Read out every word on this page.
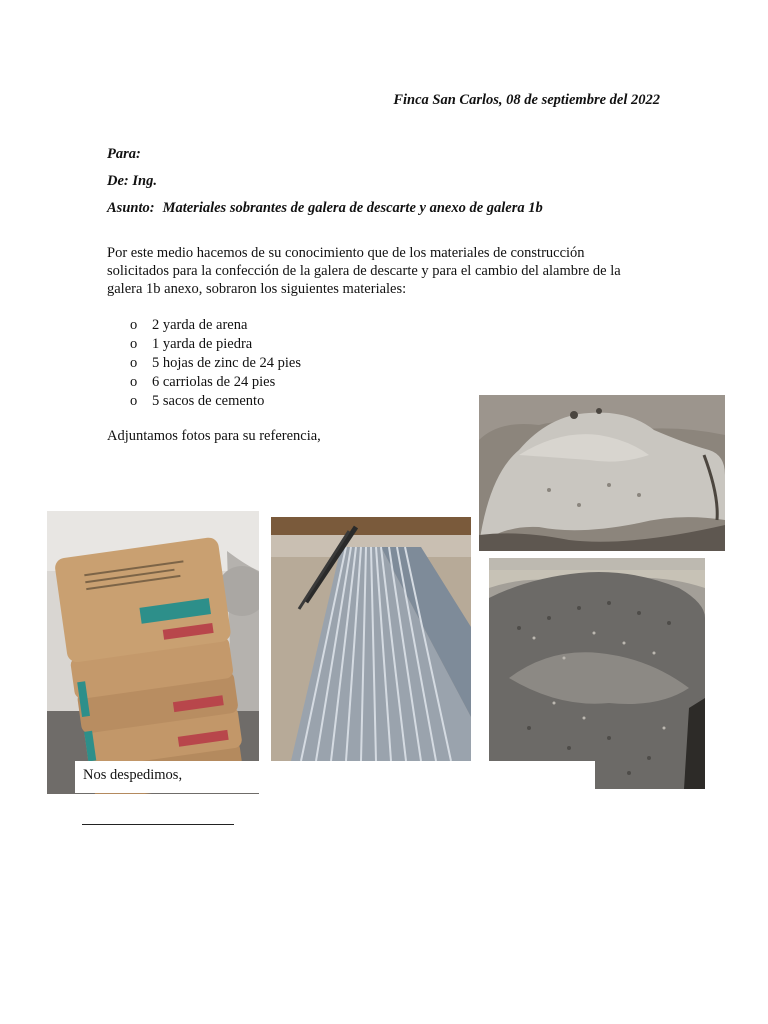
Finca San Carlos, 08 de septiembre del 2022
Para:
De: Ing.
Asunto: Materiales sobrantes de galera de descarte y anexo de galera 1b
Por este medio hacemos de su conocimiento que de los materiales de construcción
solicitados para la confección de la galera de descarte y para el cambio del alambre de la
galera 1b anexo, sobraron los siguientes materiales:
o	2 yarda de arena
o	1 yarda de piedra
o	5 hojas de zinc de 24 pies
o	6 carriolas de 24 pies
o	5 sacos de cemento
Adjuntamos fotos para su referencia,
Nos despedimos,
